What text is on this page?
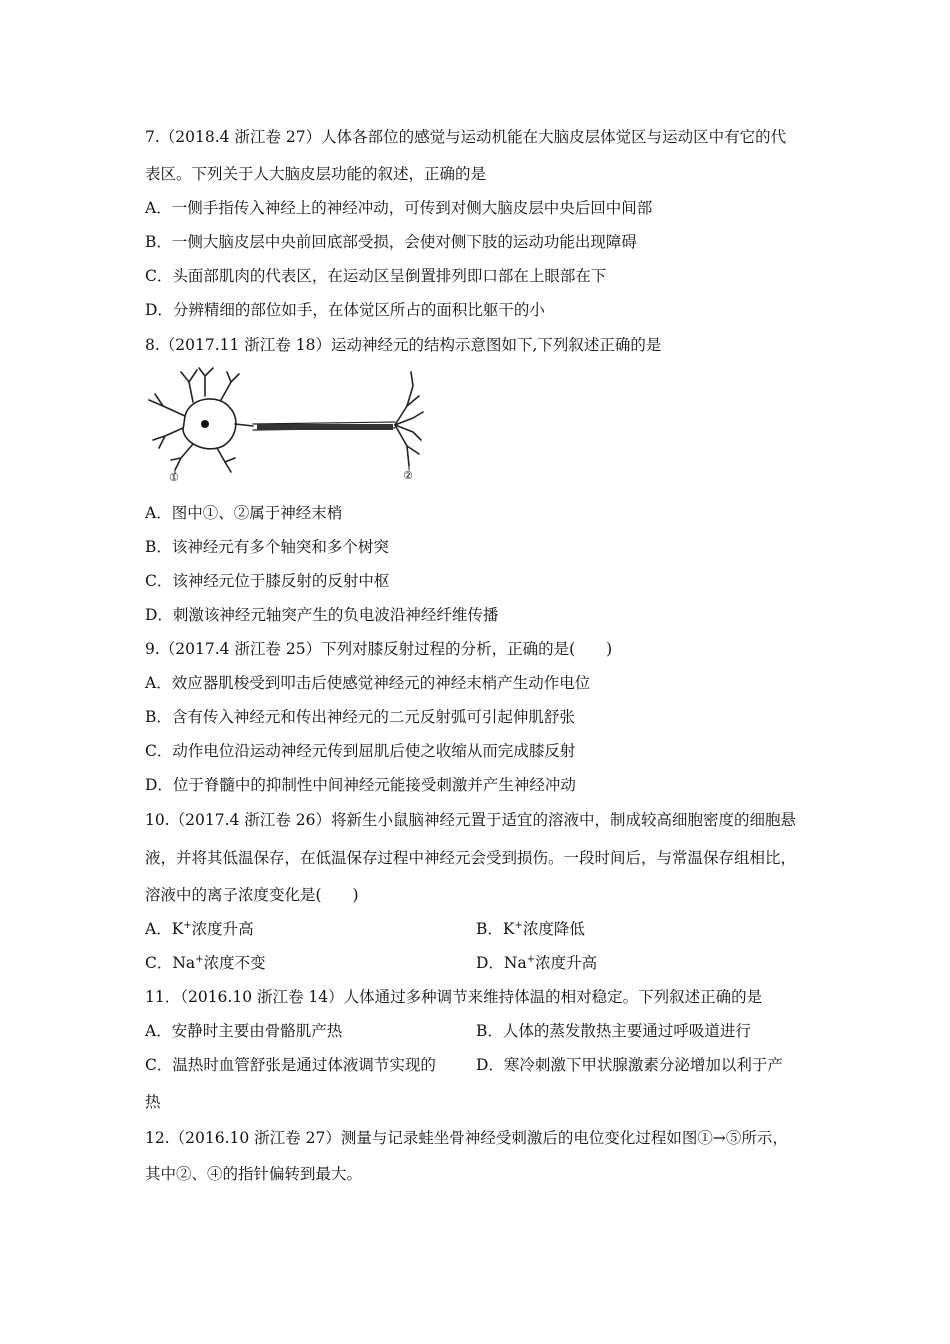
7.（2018.4 浙江卷 27）人体各部位的感觉与运动机能在大脑皮层体觉区与运动区中有它的代
表区。下列关于人大脑皮层功能的叙述，正确的是
A．一侧手指传入神经上的神经冲动，可传到对侧大脑皮层中央后回中间部
B．一侧大脑皮层中央前回底部受损，会使对侧下肢的运动功能出现障碍
C．头面部肌肉的代表区，在运动区呈倒置排列即口部在上眼部在下
D．分辨精细的部位如手，在体觉区所占的面积比躯干的小
8.（2017.11 浙江卷 18）运动神经元的结构示意图如下,下列叙述正确的是
①	②
A．图中①、②属于神经末梢
B．该神经元有多个轴突和多个树突
C．该神经元位于膝反射的反射中枢
D．刺激该神经元轴突产生的负电波沿神经纤维传播
9.（2017.4 浙江卷 25）下列对膝反射过程的分析，正确的是(　　)
A．效应器肌梭受到叩击后使感觉神经元的神经末梢产生动作电位
B．含有传入神经元和传出神经元的二元反射弧可引起伸肌舒张
C．动作电位沿运动神经元传到屈肌后使之收缩从而完成膝反射
D．位于脊髓中的抑制性中间神经元能接受刺激并产生神经冲动
10.（2017.4 浙江卷 26）将新生小鼠脑神经元置于适宜的溶液中，制成较高细胞密度的细胞悬
液，并将其低温保存，在低温保存过程中神经元会受到损伤。一段时间后，与常温保存组相比，
溶液中的离子浓度变化是(　　)
A．K+浓度升高	B．K+浓度降低
C．Na+浓度不变	D．Na+浓度升高
11．（2016.10 浙江卷 14）人体通过多种调节来维持体温的相对稳定。下列叙述正确的是
A．安静时主要由骨骼肌产热	B．人体的蒸发散热主要通过呼吸道进行
C．温热时血管舒张是通过体液调节实现的	D．寒冷刺激下甲状腺激素分泌增加以利于产
热
12.（2016.10 浙江卷 27）测量与记录蛙坐骨神经受刺激后的电位变化过程如图①→⑤所示，
其中②、④的指针偏转到最大。
